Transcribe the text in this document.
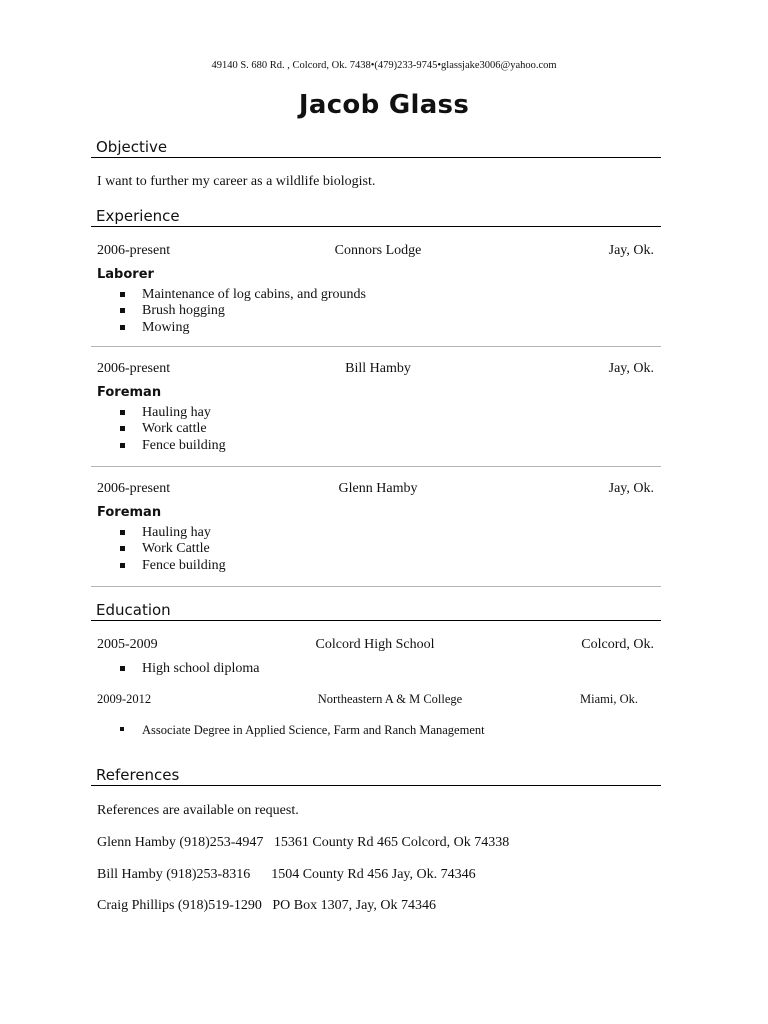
49140 S. 680 Rd. , Colcord, Ok. 7438•(479)233-9745•glassjake3006@yahoo.com
Jacob Glass
Objective
I want to further my career as a wildlife biologist.
Experience
2006-present	Connors Lodge	Jay, Ok.
Laborer
Maintenance of log cabins, and grounds
Brush hogging
Mowing
2006-present	Bill Hamby	Jay, Ok.
Foreman
Hauling hay
Work cattle
Fence building
2006-present	Glenn Hamby	Jay, Ok.
Foreman
Hauling hay
Work Cattle
Fence building
Education
2005-2009	Colcord High School	Colcord, Ok.
High school diploma
2009-2012	Northeastern A & M College	Miami, Ok.
Associate Degree in Applied Science, Farm and Ranch Management
References
References are available on request.
Glenn Hamby (918)253-4947   15361 County Rd 465 Colcord, Ok 74338
Bill Hamby (918)253-8316      1504 County Rd 456 Jay, Ok. 74346
Craig Phillips (918)519-1290   PO Box 1307, Jay, Ok 74346
